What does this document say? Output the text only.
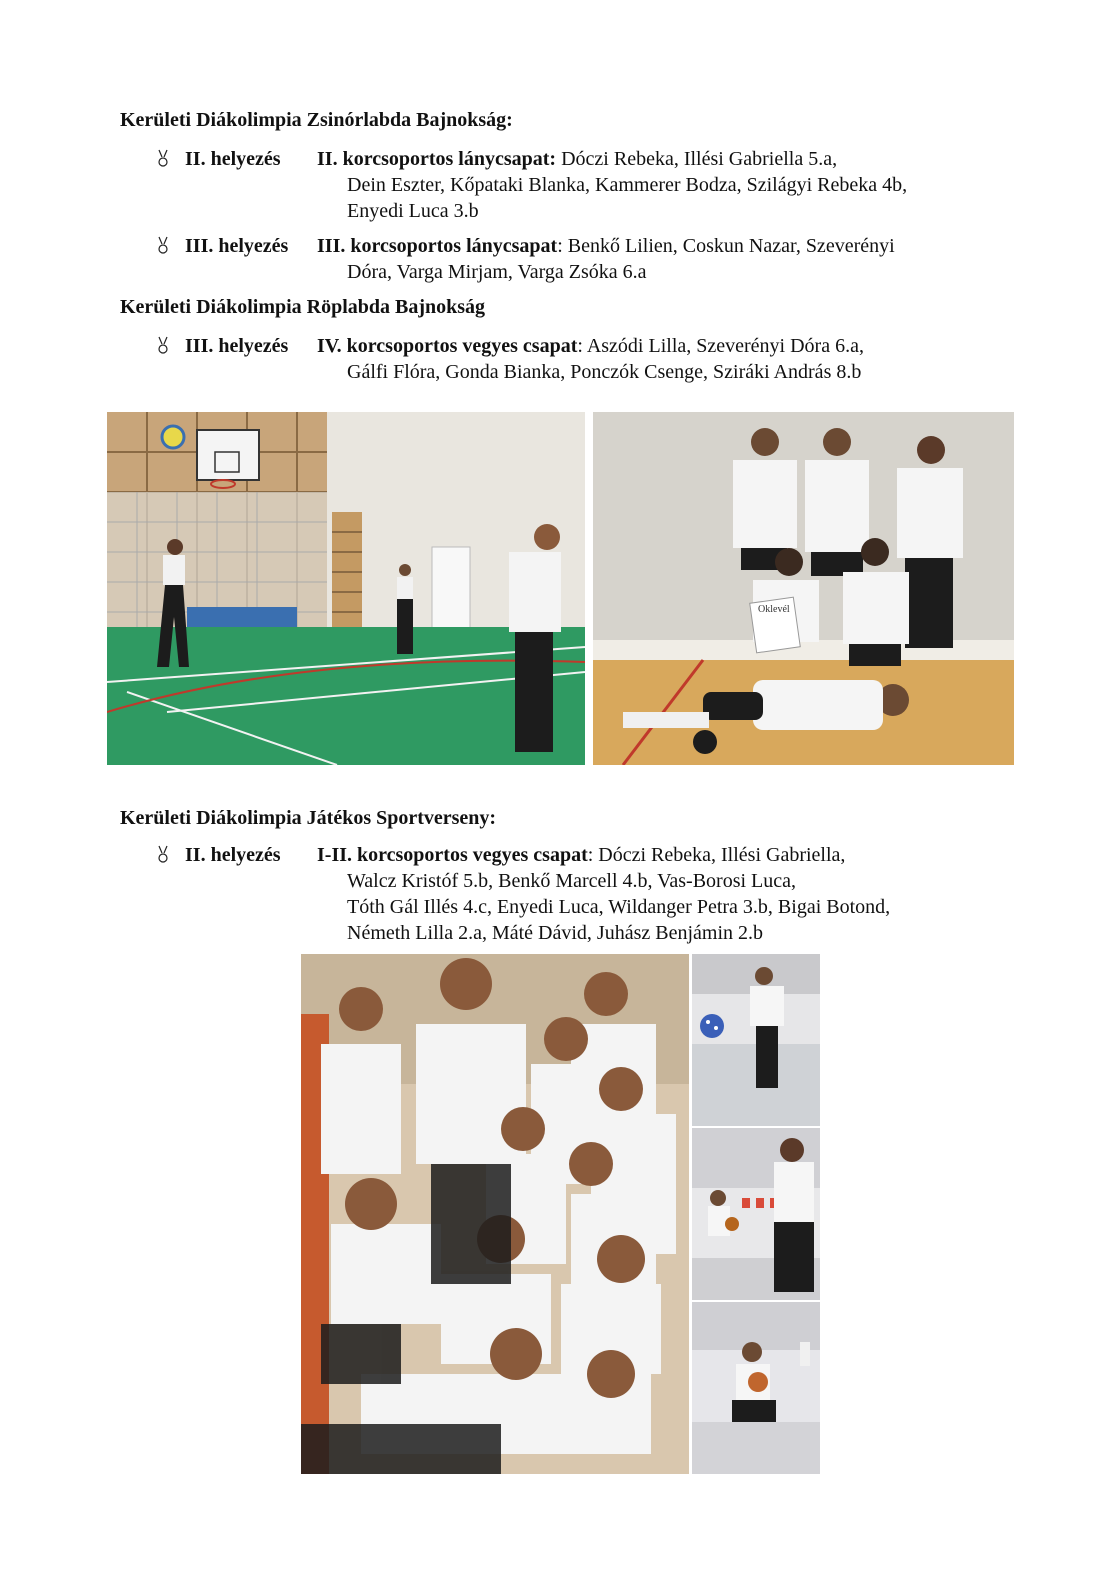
Kerületi Diákolimpia Zsinórlabda Bajnokság:
II. helyezés II. korcsoportos lánycsapat: Dóczi Rebeka, Illési Gabriella 5.a,
Dein Eszter, Kőpataki Blanka, Kammerer Bodza, Szilágyi Rebeka 4b,
Enyedi Luca 3.b
III. helyezés III. korcsoportos lánycsapat: Benkő Lilien, Coskun Nazar, Szeverényi
Dóra, Varga Mirjam, Varga Zsóka 6.a
Kerületi Diákolimpia Röplabda Bajnokság
III. helyezés IV. korcsoportos vegyes csapat: Aszódi Lilla, Szeverényi Dóra 6.a,
Gálfi Flóra, Gonda Bianka, Ponczók Csenge, Sziráki András 8.b
Oklevél
Kerületi Diákolimpia Játékos Sportverseny:
II. helyezés I-II. korcsoportos vegyes csapat: Dóczi Rebeka, Illési Gabriella,
Walcz Kristóf 5.b, Benkő Marcell 4.b, Vas-Borosi Luca,
Tóth Gál Illés 4.c, Enyedi Luca, Wildanger Petra 3.b, Bigai Botond,
Németh Lilla 2.a, Máté Dávid, Juhász Benjámin 2.b
